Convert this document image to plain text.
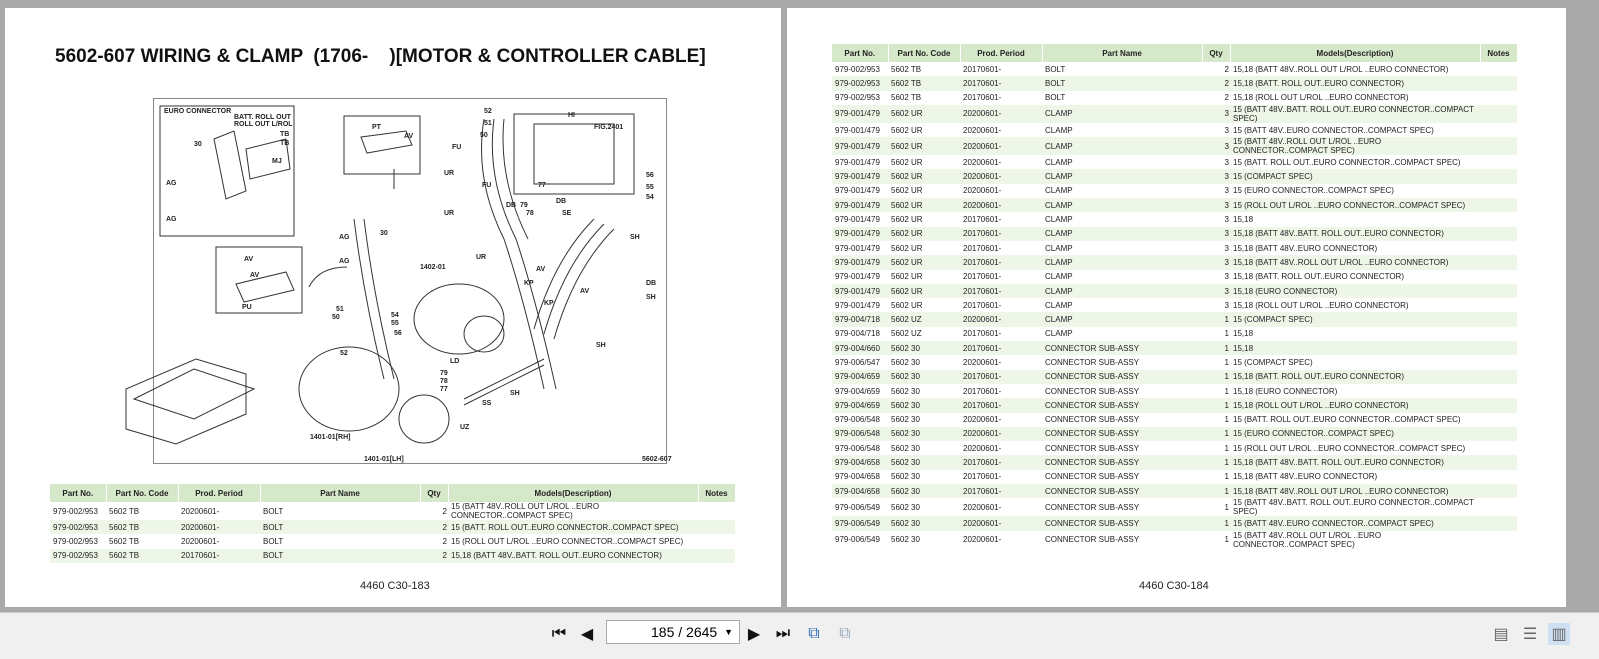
5602-607 WIRING & CLAMP  (1706-    )[MOTOR & CONTROLLER CABLE]
EURO CONNECTOR
BATT. ROLL OUT
ROLL OUT L/ROL
TB
TB
MJ
30
AG
AG
AV
AV
PU
PT
AV
AG
AG
30
52
51
50
FU
UR
UR
FU	77
DB 79
78
DB
SE
HI
FIG.2401
56
55
54
SH
DB
SH
AV
KP
KP
AV
UR
1402-01
51
50
52
54
55
56
SH
LD
79
78
77
SH
SS
UZ
1401-01[RH]
1401-01[LH]	5602-607
Part No.	Part No. Code	Prod. Period	Part Name	Qty	Models(Description)	Notes
979-002/953	5602 TB	20200601-	BOLT	2	15 (BATT 48V..ROLL OUT L/ROL ..EURO CONNECTOR..COMPACT SPEC)	
979-002/953	5602 TB	20200601-	BOLT	2	15 (BATT. ROLL OUT..EURO CONNECTOR..COMPACT SPEC)	
979-002/953	5602 TB	20200601-	BOLT	2	15 (ROLL OUT L/ROL ..EURO CONNECTOR..COMPACT SPEC)	
979-002/953	5602 TB	20170601-	BOLT	2	15,18 (BATT 48V..BATT. ROLL OUT..EURO CONNECTOR)	
4460 C30-183
Part No.	Part No. Code	Prod. Period	Part Name	Qty	Models(Description)	Notes
979-002/953	5602 TB	20170601-	BOLT	2	15,18 (BATT 48V..ROLL OUT L/ROL ..EURO CONNECTOR)	
979-002/953	5602 TB	20170601-	BOLT	2	15,18 (BATT. ROLL OUT..EURO CONNECTOR)	
979-002/953	5602 TB	20170601-	BOLT	2	15,18 (ROLL OUT L/ROL ..EURO CONNECTOR)	
979-001/479	5602 UR	20200601-	CLAMP	3	15 (BATT 48V..BATT. ROLL OUT..EURO CONNECTOR..COMPACT SPEC)	
979-001/479	5602 UR	20200601-	CLAMP	3	15 (BATT 48V..EURO CONNECTOR..COMPACT SPEC)	
979-001/479	5602 UR	20200601-	CLAMP	3	15 (BATT 48V..ROLL OUT L/ROL ..EURO CONNECTOR..COMPACT SPEC)	
979-001/479	5602 UR	20200601-	CLAMP	3	15 (BATT. ROLL OUT..EURO CONNECTOR..COMPACT SPEC)	
979-001/479	5602 UR	20200601-	CLAMP	3	15 (COMPACT SPEC)	
979-001/479	5602 UR	20200601-	CLAMP	3	15 (EURO CONNECTOR..COMPACT SPEC)	
979-001/479	5602 UR	20200601-	CLAMP	3	15 (ROLL OUT L/ROL ..EURO CONNECTOR..COMPACT SPEC)	
979-001/479	5602 UR	20170601-	CLAMP	3	15,18	
979-001/479	5602 UR	20170601-	CLAMP	3	15,18 (BATT 48V..BATT. ROLL OUT..EURO CONNECTOR)	
979-001/479	5602 UR	20170601-	CLAMP	3	15,18 (BATT 48V..EURO CONNECTOR)	
979-001/479	5602 UR	20170601-	CLAMP	3	15,18 (BATT 48V..ROLL OUT L/ROL ..EURO CONNECTOR)	
979-001/479	5602 UR	20170601-	CLAMP	3	15,18 (BATT. ROLL OUT..EURO CONNECTOR)	
979-001/479	5602 UR	20170601-	CLAMP	3	15,18 (EURO CONNECTOR)	
979-001/479	5602 UR	20170601-	CLAMP	3	15,18 (ROLL OUT L/ROL ..EURO CONNECTOR)	
979-004/718	5602 UZ	20200601-	CLAMP	1	15 (COMPACT SPEC)	
979-004/718	5602 UZ	20170601-	CLAMP	1	15,18	
979-004/660	5602 30	20170601-	CONNECTOR SUB-ASSY	1	15,18	
979-006/547	5602 30	20200601-	CONNECTOR SUB-ASSY	1	15 (COMPACT SPEC)	
979-004/659	5602 30	20170601-	CONNECTOR SUB-ASSY	1	15,18 (BATT. ROLL OUT..EURO CONNECTOR)	
979-004/659	5602 30	20170601-	CONNECTOR SUB-ASSY	1	15,18 (EURO CONNECTOR)	
979-004/659	5602 30	20170601-	CONNECTOR SUB-ASSY	1	15,18 (ROLL OUT L/ROL ..EURO CONNECTOR)	
979-006/548	5602 30	20200601-	CONNECTOR SUB-ASSY	1	15 (BATT. ROLL OUT..EURO CONNECTOR..COMPACT SPEC)	
979-006/548	5602 30	20200601-	CONNECTOR SUB-ASSY	1	15 (EURO CONNECTOR..COMPACT SPEC)	
979-006/548	5602 30	20200601-	CONNECTOR SUB-ASSY	1	15 (ROLL OUT L/ROL ..EURO CONNECTOR..COMPACT SPEC)	
979-004/658	5602 30	20170601-	CONNECTOR SUB-ASSY	1	15,18 (BATT 48V..BATT. ROLL OUT..EURO CONNECTOR)	
979-004/658	5602 30	20170601-	CONNECTOR SUB-ASSY	1	15,18 (BATT 48V..EURO CONNECTOR)	
979-004/658	5602 30	20170601-	CONNECTOR SUB-ASSY	1	15,18 (BATT 48V..ROLL OUT L/ROL ..EURO CONNECTOR)	
979-006/549	5602 30	20200601-	CONNECTOR SUB-ASSY	1	15 (BATT 48V..BATT. ROLL OUT..EURO CONNECTOR..COMPACT SPEC)	
979-006/549	5602 30	20200601-	CONNECTOR SUB-ASSY	1	15 (BATT 48V..EURO CONNECTOR..COMPACT SPEC)	
979-006/549	5602 30	20200601-	CONNECTOR SUB-ASSY	1	15 (BATT 48V..ROLL OUT L/ROL ..EURO CONNECTOR..COMPACT SPEC)	
4460 C30-184
⏮ ◀	185 / 2645 ▼ ▶ ⏭ ⧉ ⧉	▤ ☰ ▥
